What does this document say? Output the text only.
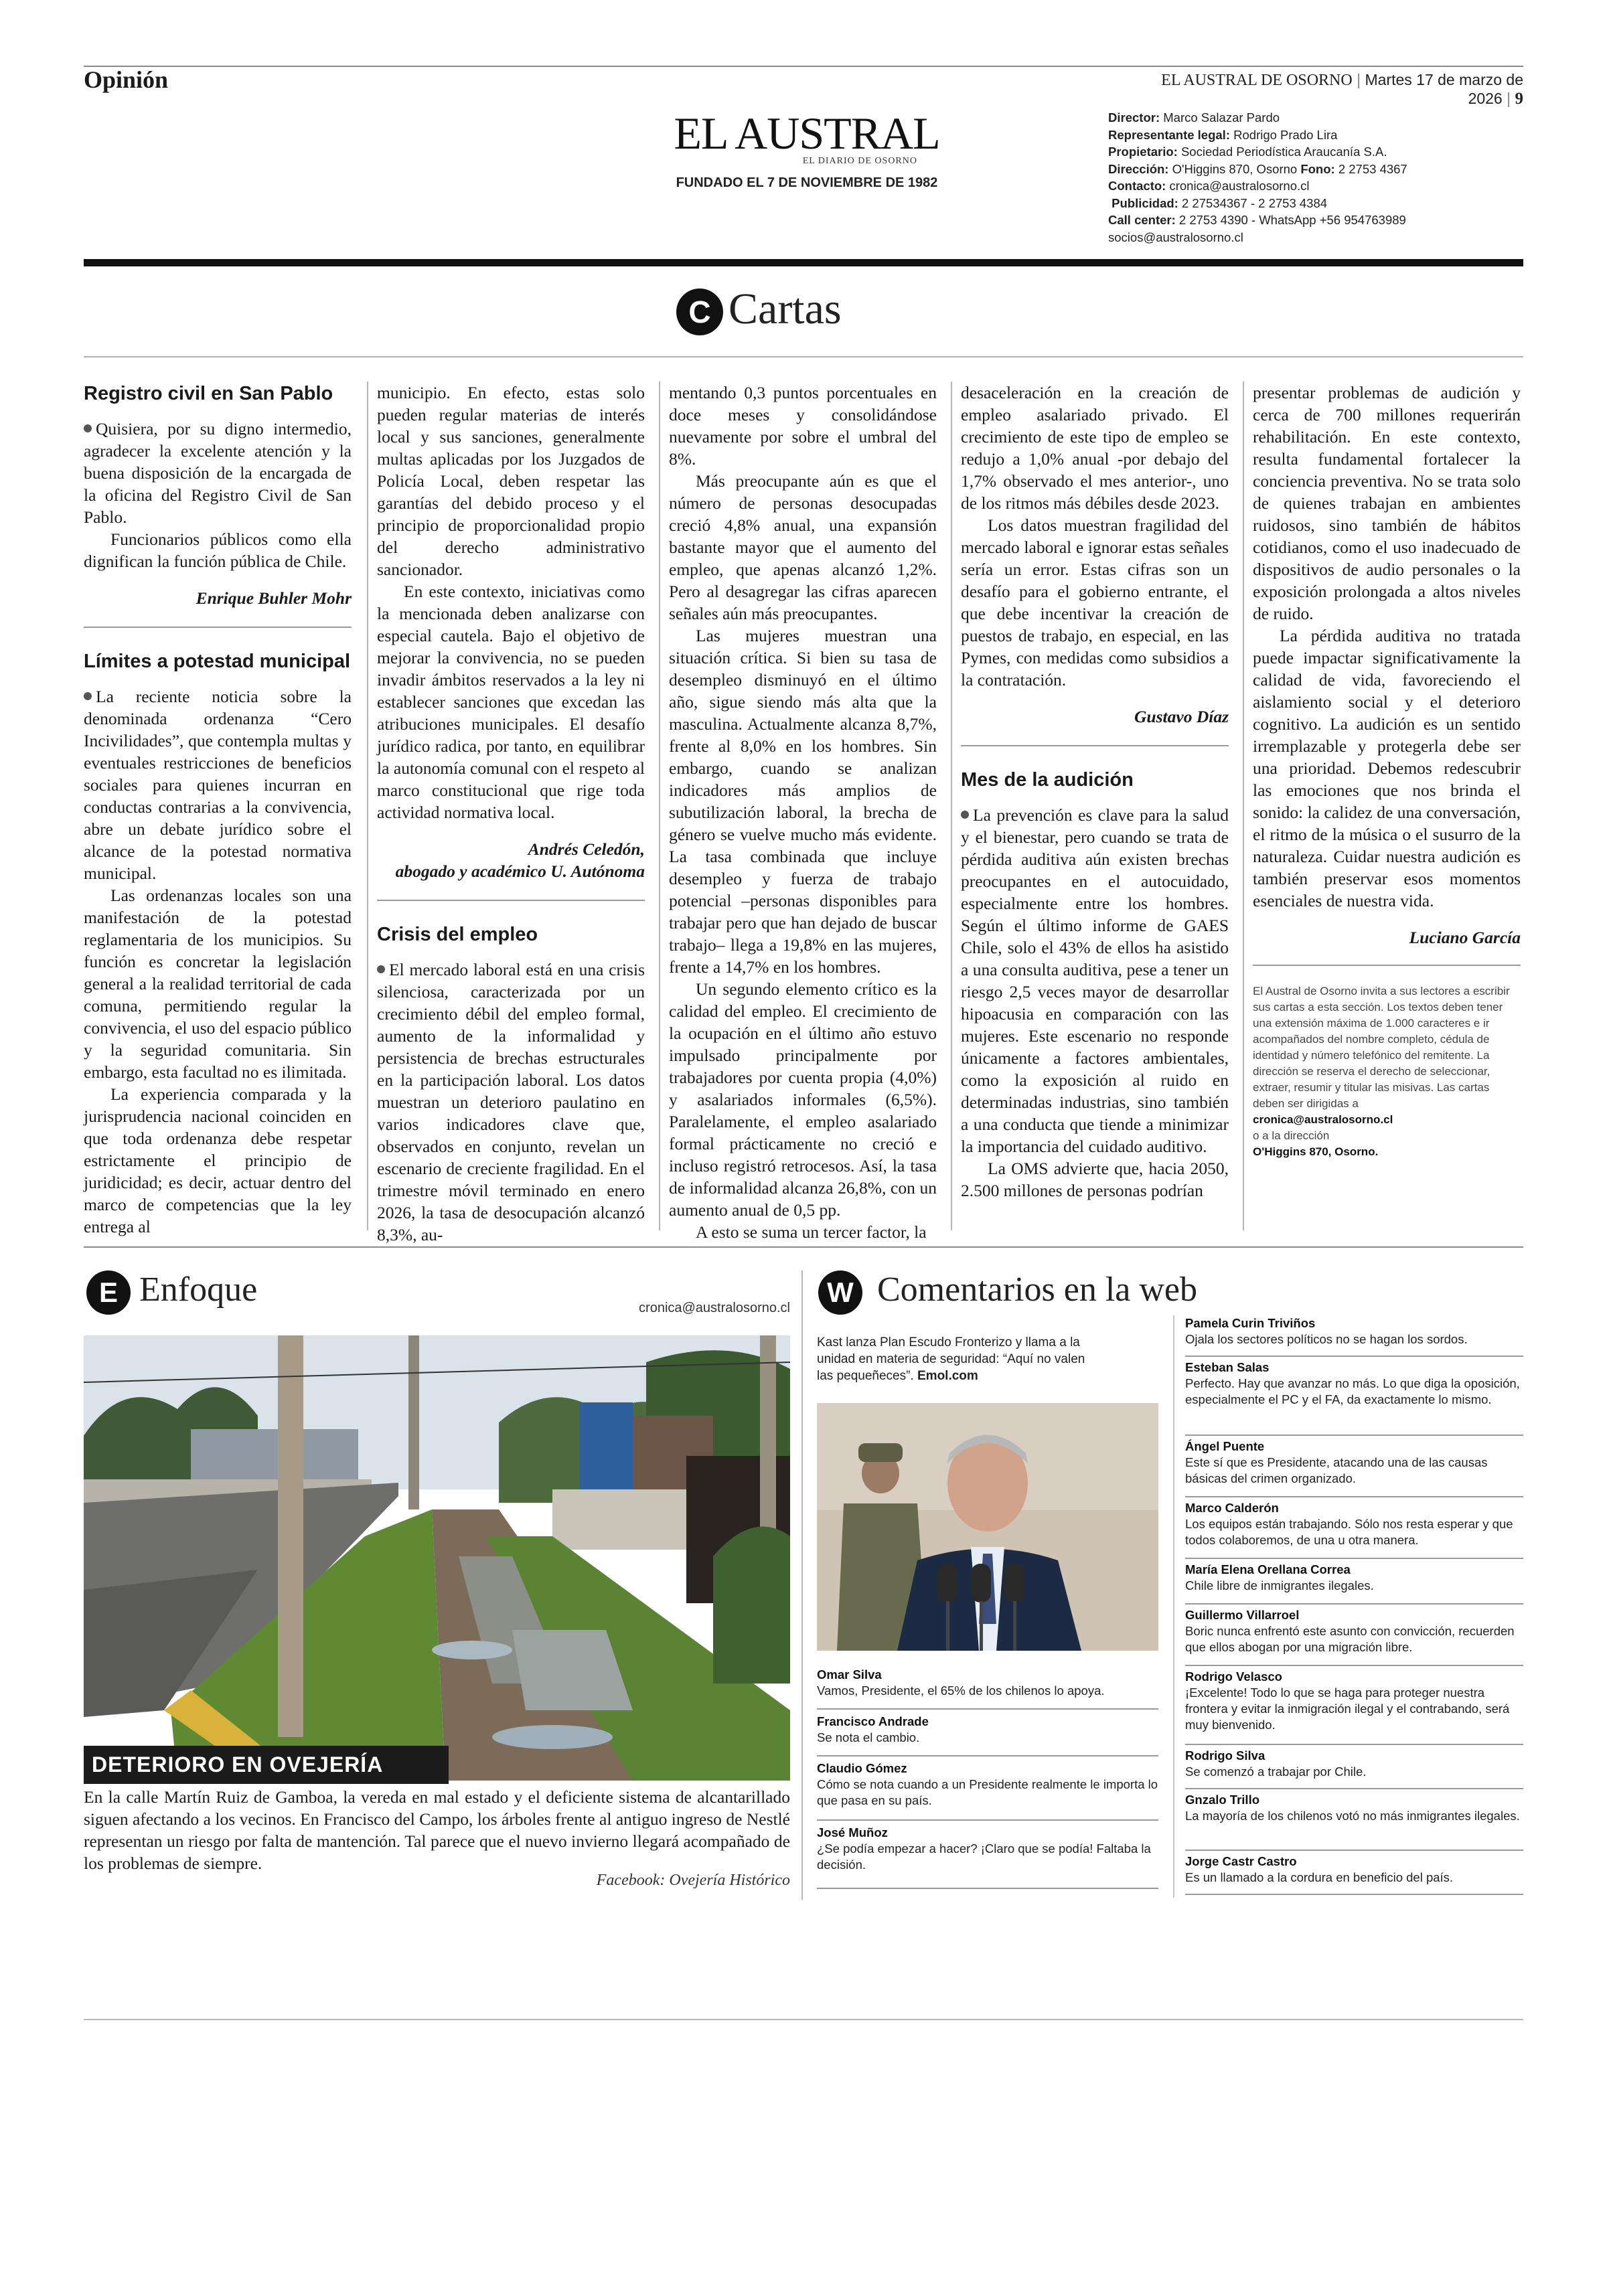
Opinión	EL AUSTRAL DE OSORNO | Martes 17 de marzo de 2026 | 9
EL AUSTRAL
EL DIARIO DE OSORNO
FUNDADO EL 7 DE NOVIEMBRE DE 1982
Director: Marco Salazar Pardo
Representante legal: Rodrigo Prado Lira
Propietario: Sociedad Periodística Araucanía S.A.
Dirección: O'Higgins 870, Osorno Fono: 2 2753 4367
Contacto: cronica@australosorno.cl
Publicidad: 2 27534367 - 2 2753 4384
Call center: 2 2753 4390 - WhatsApp +56 954763989
socios@australosorno.cl
C Cartas
Registro civil en San Pablo

Quisiera, por su digno intermedio, agradecer la excelente atención y la buena disposición de la encargada de la oficina del Registro Civil de San Pablo.

Funcionarios públicos como ella dignifican la función pública de Chile.

Enrique Buhler Mohr

Límites a potestad municipal

La reciente noticia sobre la denominada ordenanza “Cero Incivilidades”, que contempla multas y eventuales restricciones de beneficios sociales para quienes incurran en conductas contrarias a la convivencia, abre un debate jurídico sobre el alcance de la potestad normativa municipal.

Las ordenanzas locales son una manifestación de la potestad reglamentaria de los municipios. Su función es concretar la legislación general a la realidad territorial de cada comuna, permitiendo regular la convivencia, el uso del espacio público y la seguridad comunitaria. Sin embargo, esta facultad no es ilimitada.

La experiencia comparada y la jurisprudencia nacional coinciden en que toda ordenanza debe respetar estrictamente el principio de juridicidad; es decir, actuar dentro del marco de competencias que la ley entrega al

municipio. En efecto, estas solo pueden regular materias de interés local y sus sanciones, generalmente multas aplicadas por los Juzgados de Policía Local, deben respetar las garantías del debido proceso y el principio de proporcionalidad propio del derecho administrativo sancionador.

En este contexto, iniciativas como la mencionada deben analizarse con especial cautela. Bajo el objetivo de mejorar la convivencia, no se pueden invadir ámbitos reservados a la ley ni establecer sanciones que excedan las atribuciones municipales. El desafío jurídico radica, por tanto, en equilibrar la autonomía comunal con el respeto al marco constitucional que rige toda actividad normativa local.

Andrés Celedón,

abogado y académico U. Autónoma

Crisis del empleo

El mercado laboral está en una crisis silenciosa, caracterizada por un crecimiento débil del empleo formal, aumento de la informalidad y persistencia de brechas estructurales en la participación laboral. Los datos muestran un deterioro paulatino en varios indicadores clave que, observados en conjunto, revelan un escenario de creciente fragilidad. En el trimestre móvil terminado en enero 2026, la tasa de desocupación alcanzó 8,3%, au-

mentando 0,3 puntos porcentuales en doce meses y consolidándose nuevamente por sobre el umbral del 8%.

Más preocupante aún es que el número de personas desocupadas creció 4,8% anual, una expansión bastante mayor que el aumento del empleo, que apenas alcanzó 1,2%. Pero al desagregar las cifras aparecen señales aún más preocupantes.

Las mujeres muestran una situación crítica. Si bien su tasa de desempleo disminuyó en el último año, sigue siendo más alta que la masculina. Actualmente alcanza 8,7%, frente al 8,0% en los hombres. Sin embargo, cuando se analizan indicadores más amplios de subutilización laboral, la brecha de género se vuelve mucho más evidente. La tasa combinada que incluye desempleo y fuerza de trabajo potencial –personas disponibles para trabajar pero que han dejado de buscar trabajo– llega a 19,8% en las mujeres, frente a 14,7% en los hombres.

Un segundo elemento crítico es la calidad del empleo. El crecimiento de la ocupación en el último año estuvo impulsado principalmente por trabajadores por cuenta propia (4,0%) y asalariados informales (6,5%). Paralelamente, el empleo asalariado formal prácticamente no creció e incluso registró retrocesos. Así, la tasa de informalidad alcanza 26,8%, con un aumento anual de 0,5 pp.

A esto se suma un tercer factor, la

desaceleración en la creación de empleo asalariado privado. El crecimiento de este tipo de empleo se redujo a 1,0% anual -por debajo del 1,7% observado el mes anterior-, uno de los ritmos más débiles desde 2023.

Los datos muestran fragilidad del mercado laboral e ignorar estas señales sería un error. Estas cifras son un desafío para el gobierno entrante, el que debe incentivar la creación de puestos de trabajo, en especial, en las Pymes, con medidas como subsidios a la contratación.

Gustavo Díaz

Mes de la audición

La prevención es clave para la salud y el bienestar, pero cuando se trata de pérdida auditiva aún existen brechas preocupantes en el autocuidado, especialmente entre los hombres. Según el último informe de GAES Chile, solo el 43% de ellos ha asistido a una consulta auditiva, pese a tener un riesgo 2,5 veces mayor de desarrollar hipoacusia en comparación con las mujeres. Este escenario no responde únicamente a factores ambientales, como la exposición al ruido en determinadas industrias, sino también a una conducta que tiende a minimizar la importancia del cuidado auditivo.

La OMS advierte que, hacia 2050, 2.500 millones de personas podrían

presentar problemas de audición y cerca de 700 millones requerirán rehabilitación. En este contexto, resulta fundamental fortalecer la conciencia preventiva. No se trata solo de quienes trabajan en ambientes ruidosos, sino también de hábitos cotidianos, como el uso inadecuado de dispositivos de audio personales o la exposición prolongada a altos niveles de ruido.

La pérdida auditiva no tratada puede impactar significativamente la calidad de vida, favoreciendo el aislamiento social y el deterioro cognitivo. La audición es un sentido irremplazable y protegerla debe ser una prioridad. Debemos redescubrir las emociones que nos brinda el sonido: la calidez de una conversación, el ritmo de la música o el susurro de la naturaleza. Cuidar nuestra audición es también preservar esos momentos esenciales de nuestra vida.

Luciano García

El Austral de Osorno invita a sus lectores a escribir sus cartas a esta sección. Los textos deben tener una extensión máxima de 1.000 caracteres e ir acompañados del nombre completo, cédula de identidad y número telefónico del remitente. La dirección se reserva el derecho de seleccionar, extraer, resumir y titular las misivas. Las cartas deben ser dirigidas a

cronica@australosorno.cl

o a la dirección

O'Higgins 870, Osorno.

E Enfoque	cronica@australosorno.cl
DETERIORO EN OVEJERÍA
En la calle Martín Ruiz de Gamboa, la vereda en mal estado y el deficiente sistema de alcantarillado siguen afectando a los vecinos. En Francisco del Campo, los árboles frente al antiguo ingreso de Nestlé representan un riesgo por falta de mantención. Tal parece que el nuevo invierno llegará acompañado de los problemas de siempre.
Facebook: Ovejería Histórico
W Comentarios en la web
Kast lanza Plan Escudo Fronterizo y llama a la unidad en materia de seguridad: “Aquí no valen las pequeñeces”. Emol.com
Omar Silva
Vamos, Presidente, el 65% de los chilenos lo apoya.
Francisco Andrade
Se nota el cambio.
Claudio Gómez
Cómo se nota cuando a un Presidente realmente le importa lo que pasa en su país.
José Muñoz
¿Se podía empezar a hacer? ¡Claro que se podía! Faltaba la decisión.
Pamela Curin Triviños
Ojala los sectores políticos no se hagan los sordos.
Esteban Salas
Perfecto. Hay que avanzar no más. Lo que diga la oposición, especialmente el PC y el FA, da exactamente lo mismo.
Ángel Puente
Este sí que es Presidente, atacando una de las causas básicas del crimen organizado.
Marco Calderón
Los equipos están trabajando. Sólo nos resta esperar y que todos colaboremos, de una u otra manera.
María Elena Orellana Correa
Chile libre de inmigrantes ilegales.
Guillermo Villarroel
Boric nunca enfrentó este asunto con convicción, recuerden que ellos abogan por una migración libre.
Rodrigo Velasco
¡Excelente! Todo lo que se haga para proteger nuestra frontera y evitar la inmigración ilegal y el contrabando, será muy bienvenido.
Rodrigo Silva
Se comenzó a trabajar por Chile.
Gnzalo Trillo
La mayoría de los chilenos votó no más inmigrantes ilegales.
Jorge Castr Castro
Es un llamado a la cordura en beneficio del país.
